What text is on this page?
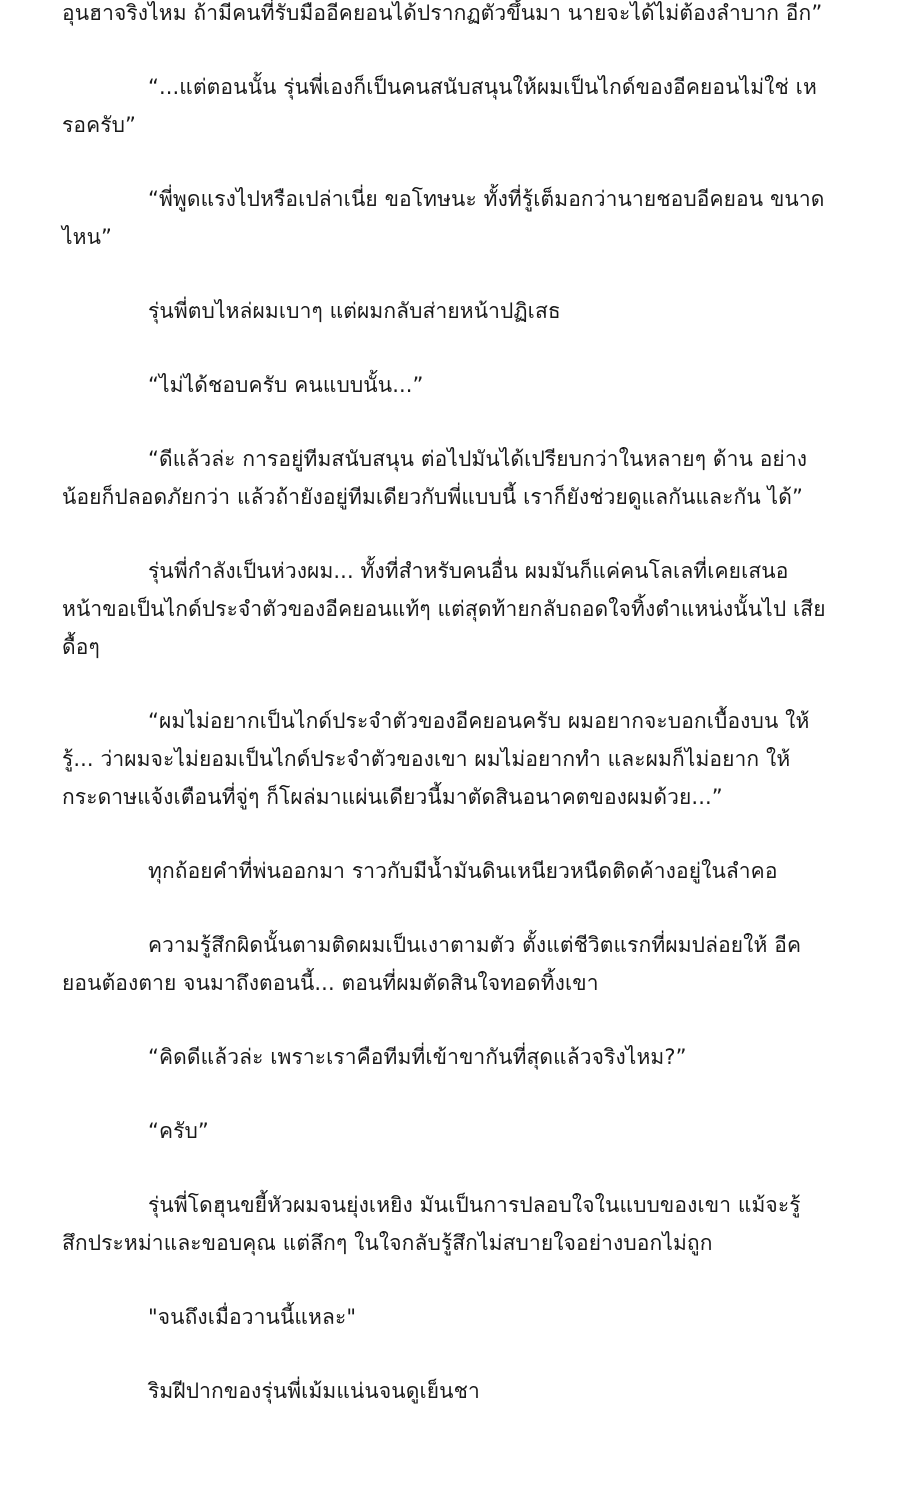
อุนฮาจริงไหม ถ้ามีคนที่รับมืออีคยอนได้ปรากฏตัวขึ้นมา นายจะได้ไม่ต้องลำบาก อีก”

“...แต่ตอนนั้น รุ่นพี่เองก็เป็นคนสนับสนุนให้ผมเป็นไกด์ของอีคยอนไม่ใช่ เหรอครับ”

“พี่พูดแรงไปหรือเปล่าเนี่ย ขอโทษนะ ทั้งที่รู้เต็มอกว่านายชอบอีคยอน ขนาดไหน”

รุ่นพี่ตบไหล่ผมเบาๆ แต่ผมกลับส่ายหน้าปฏิเสธ

“ไม่ได้ชอบครับ คนแบบนั้น...”

“ดีแล้วล่ะ การอยู่ทีมสนับสนุน ต่อไปมันได้เปรียบกว่าในหลายๆ ด้าน อย่าง น้อยก็ปลอดภัยกว่า แล้วถ้ายังอยู่ทีมเดียวกับพี่แบบนี้ เราก็ยังช่วยดูแลกันและกัน ได้”

รุ่นพี่กำลังเป็นห่วงผม... ทั้งที่สำหรับคนอื่น ผมมันก็แค่คนโลเลที่เคยเสนอ หน้าขอเป็นไกด์ประจำตัวของอีคยอนแท้ๆ แต่สุดท้ายกลับถอดใจทิ้งตำแหน่งนั้นไป เสียดื้อๆ

“ผมไม่อยากเป็นไกด์ประจำตัวของอีคยอนครับ ผมอยากจะบอกเบื้องบน ให้รู้... ว่าผมจะไม่ยอมเป็นไกด์ประจำตัวของเขา ผมไม่อยากทำ และผมก็ไม่อยาก ให้กระดาษแจ้งเตือนที่จู่ๆ ก็โผล่มาแผ่นเดียวนี้มาตัดสินอนาคตของผมด้วย...”

ทุกถ้อยคำที่พ่นออกมา ราวกับมีน้ำมันดินเหนียวหนืดติดค้างอยู่ในลำคอ

ความรู้สึกผิดนั้นตามติดผมเป็นเงาตามตัว ตั้งแต่ชีวิตแรกที่ผมปล่อยให้ อีคยอนต้องตาย จนมาถึงตอนนี้... ตอนที่ผมตัดสินใจทอดทิ้งเขา

“คิดดีแล้วล่ะ เพราะเราคือทีมที่เข้าขากันที่สุดแล้วจริงไหม?”

“ครับ”

รุ่นพี่โดฮุนขยี้หัวผมจนยุ่งเหยิง มันเป็นการปลอบใจในแบบของเขา แม้จะรู้ สึกประหม่าและขอบคุณ แต่ลึกๆ ในใจกลับรู้สึกไม่สบายใจอย่างบอกไม่ถูก

"จนถึงเมื่อวานนี้แหละ"

ริมฝีปากของรุ่นพี่เม้มแน่นจนดูเย็นชา
